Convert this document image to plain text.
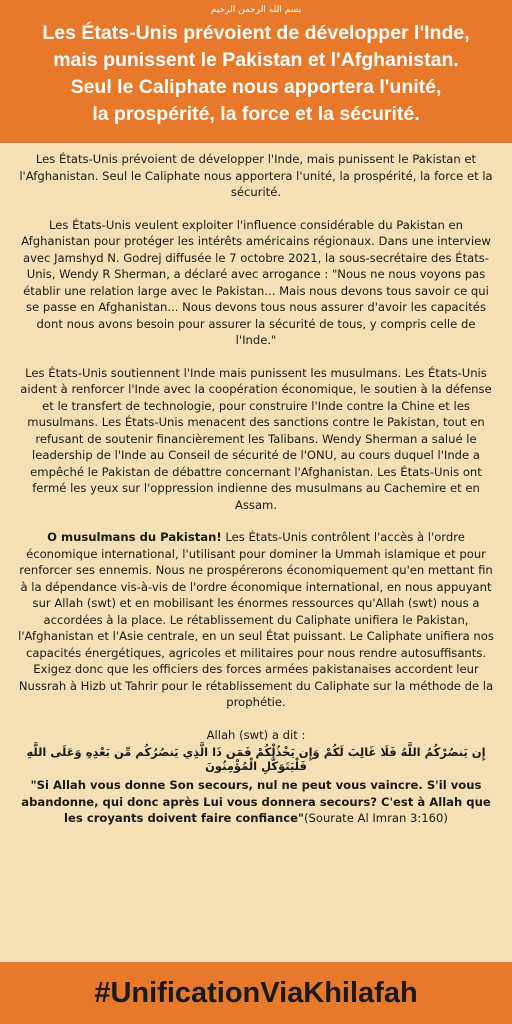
بسم الله الرحمن الرحيم
Les États-Unis prévoient de développer l'Inde,
mais punissent le Pakistan et l'Afghanistan.
Seul le Caliphate nous apportera l'unité,
la prospérité, la force et la sécurité.

Les États-Unis prévoient de développer l'Inde, mais punissent le Pakistan et l'Afghanistan. Seul le Caliphate nous apportera l'unité, la prospérité, la force et la sécurité.

Les États-Unis veulent exploiter l'influence considérable du Pakistan en Afghanistan pour protéger les intérêts américains régionaux. Dans une interview avec Jamshyd N. Godrej diffusée le 7 octobre 2021, la sous-secrétaire des États-Unis, Wendy R Sherman, a déclaré avec arrogance : "Nous ne nous voyons pas établir une relation large avec le Pakistan... Mais nous devons tous savoir ce qui se passe en Afghanistan... Nous devons tous nous assurer d'avoir les capacités dont nous avons besoin pour assurer la sécurité de tous, y compris celle de l'Inde."

Les États-Unis soutiennent l'Inde mais punissent les musulmans. Les États-Unis aident à renforcer l'Inde avec la coopération économique, le soutien à la défense et le transfert de technologie, pour construire l'Inde contre la Chine et les musulmans. Les États-Unis menacent des sanctions contre le Pakistan, tout en refusant de soutenir financièrement les Talibans. Wendy Sherman a salué le leadership de l'Inde au Conseil de sécurité de l'ONU, au cours duquel l'Inde a empêché le Pakistan de débattre concernant l'Afghanistan. Les États-Unis ont fermé les yeux sur l'oppression indienne des musulmans au Cachemire et en Assam.

O musulmans du Pakistan! Les États-Unis contrôlent l'accès à l'ordre économique international, l'utilisant pour dominer la Ummah islamique et pour renforcer ses ennemis. Nous ne prospérerons économiquement qu'en mettant fin à la dépendance vis-à-vis de l'ordre économique international, en nous appuyant sur Allah (swt) et en mobilisant les énormes ressources qu'Allah (swt) nous a accordées à la place. Le rétablissement du Caliphate unifiera le Pakistan, l'Afghanistan et l'Asie centrale, en un seul État puissant. Le Caliphate unifiera nos capacités énergétiques, agricoles et militaires pour nous rendre autosuffisants. Exigez donc que les officiers des forces armées pakistanaises accordent leur Nussrah à Hizb ut Tahrir pour le rétablissement du Caliphate sur la méthode de la prophétie.

Allah (swt) a dit :
إِن يَنصُرْكُمُ اللَّهُ فَلَا غَالِبَ لَكُمْ وَإِن يَخْذُلْكُمْ فَمَن ذَا الَّذِي يَنصُرُكُم مِّن بَعْدِهِ وَعَلَى اللَّهِ فَلْيَتَوَكَّلِ الْمُؤْمِنُونَ
"Si Allah vous donne Son secours, nul ne peut vous vaincre. S'il vous abandonne, qui donc après Lui vous donnera secours? C'est à Allah que les croyants doivent faire confiance"(Sourate Al Imran 3:160)
#UnificationViaKhilafah
